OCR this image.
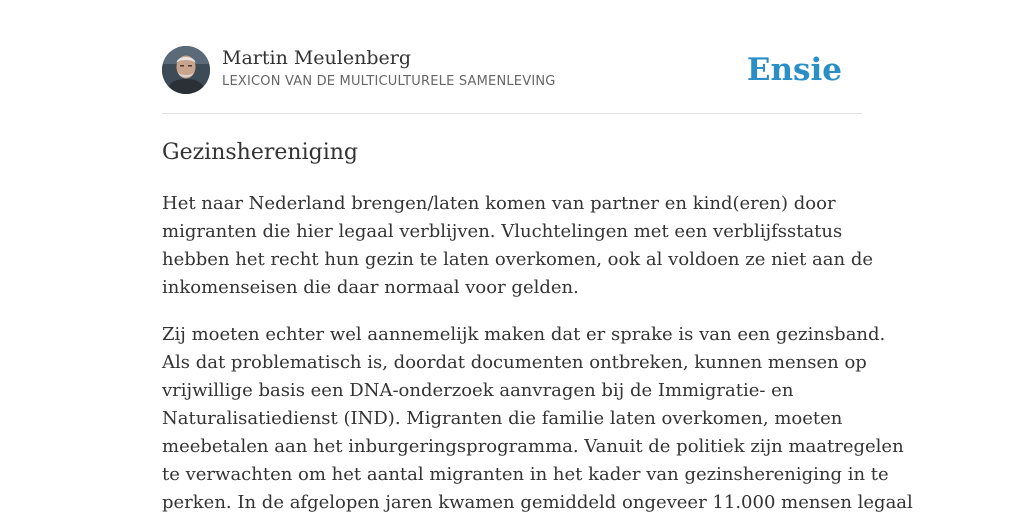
Martin Meulenberg
LEXICON VAN DE MULTICULTURELE SAMENLEVING	Ensie
Gezinshereniging

Het naar Nederland brengen/laten komen van partner en kind(eren) door
migranten die hier legaal verblijven. Vluchtelingen met een verblijfsstatus
hebben het recht hun gezin te laten overkomen, ook al voldoen ze niet aan de
inkomenseisen die daar normaal voor gelden.

Zij moeten echter wel aannemelijk maken dat er sprake is van een gezinsband.
Als dat problematisch is, doordat documenten ontbreken, kunnen mensen op
vrijwillige basis een DNA-onderzoek aanvragen bij de Immigratie- en
Naturalisatiedienst (IND). Migranten die familie laten overkomen, moeten
meebetalen aan het inburgeringsprogramma. Vanuit de politiek zijn maatregelen
te verwachten om het aantal migranten in het kader van gezinshereniging in te
perken. In de afgelopen jaren kwamen gemiddeld ongeveer 11.000 mensen legaal
